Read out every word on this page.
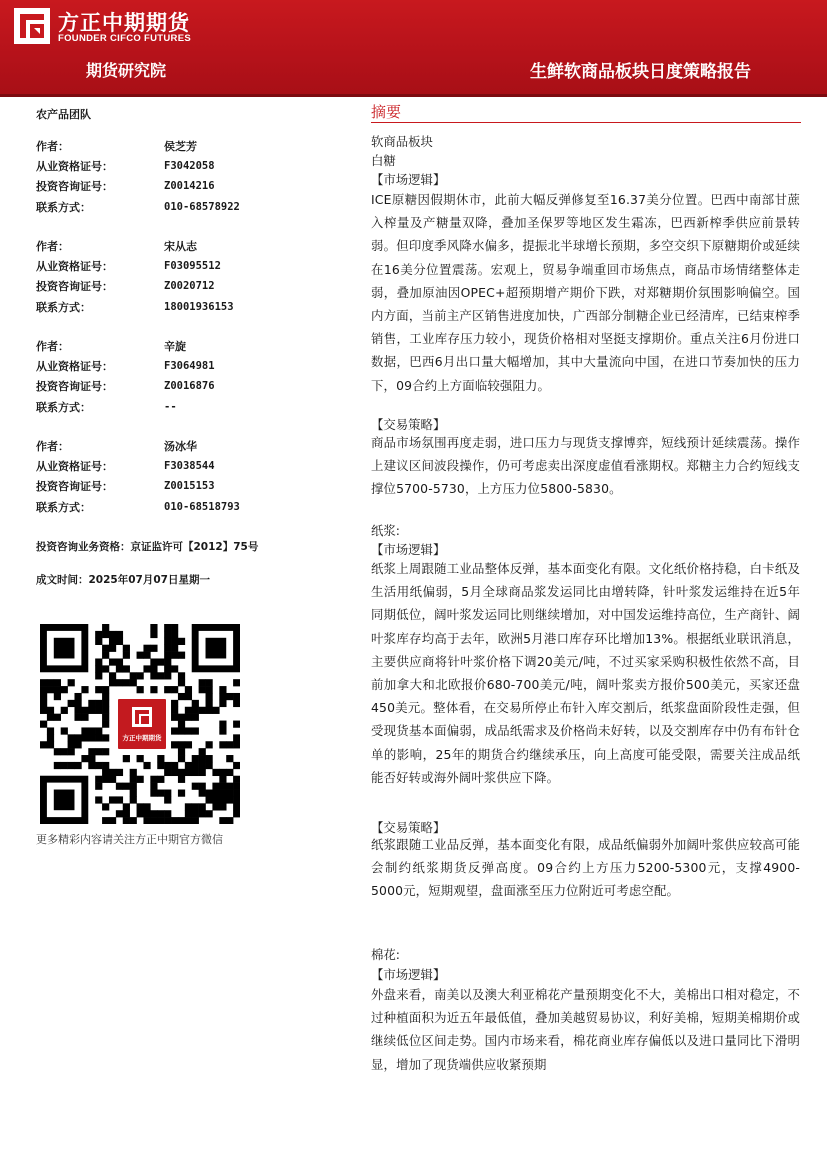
方正中期期货
FOUNDER CIFCO FUTURES
期货研究院	生鲜软商品板块日度策略报告
农产品团队
作者：	侯芝芳
从业资格证号：	F3042058
投资咨询证号：	Z0014216
联系方式：	010-68578922
作者：	宋从志
从业资格证号：	F03095512
投资咨询证号：	Z0020712
联系方式：	18001936153
作者：	辛旋
从业资格证号：	F3064981
投资咨询证号：	Z0016876
联系方式：	--
作者：	汤冰华
从业资格证号：	F3038544
投资咨询证号：	Z0015153
联系方式：	010-68518793
投资咨询业务资格：京证监许可【2012】75号
成文时间：2025年07月07日星期一
方正中期期货
更多精彩内容请关注方正中期官方微信
摘要
软商品板块
白糖
【市场逻辑】
ICE原糖因假期休市，此前大幅反弹修复至16.37美分位置。巴西中南部甘蔗入榨量及产糖量双降，叠加圣保罗等地区发生霜冻，巴西新榨季供应前景转弱。但印度季风降水偏多，提振北半球增长预期，多空交织下原糖期价或延续在16美分位置震荡。宏观上，贸易争端重回市场焦点，商品市场情绪整体走弱，叠加原油因OPEC+超预期增产期价下跌，对郑糖期价氛围影响偏空。国内方面，当前主产区销售进度加快，广西部分制糖企业已经清库，已结束榨季销售，工业库存压力较小，现货价格相对坚挺支撑期价。重点关注6月份进口数据，巴西6月出口量大幅增加，其中大量流向中国，在进口节奏加快的压力下，09合约上方面临较强阻力。
【交易策略】
商品市场氛围再度走弱，进口压力与现货支撑博弈，短线预计延续震荡。操作上建议区间波段操作，仍可考虑卖出深度虚值看涨期权。郑糖主力合约短线支撑位5700-5730，上方压力位5800-5830。
纸浆:
【市场逻辑】
纸浆上周跟随工业品整体反弹，基本面变化有限。文化纸价格持稳，白卡纸及生活用纸偏弱，5月全球商品浆发运同比由增转降，针叶浆发运维持在近5年同期低位，阔叶浆发运同比则继续增加，对中国发运维持高位，生产商针、阔叶浆库存均高于去年，欧洲5月港口库存环比增加13%。根据纸业联讯消息，主要供应商将针叶浆价格下调20美元/吨，不过买家采购积极性依然不高，目前加拿大和北欧报价680-700美元/吨，阔叶浆卖方报价500美元，买家还盘450美元。整体看，在交易所停止布针入库交割后，纸浆盘面阶段性走强，但受现货基本面偏弱，成品纸需求及价格尚未好转，以及交割库存中仍有布针仓单的影响，25年的期货合约继续承压，向上高度可能受限，需要关注成品纸能否好转或海外阔叶浆供应下降。
【交易策略】
纸浆跟随工业品反弹，基本面变化有限，成品纸偏弱外加阔叶浆供应较高可能会制约纸浆期货反弹高度。09合约上方压力5200-5300元，支撑4900-5000元，短期观望，盘面涨至压力位附近可考虑空配。
棉花:
【市场逻辑】
外盘来看，南美以及澳大利亚棉花产量预期变化不大，美棉出口相对稳定，不过种植面积为近五年最低值，叠加美越贸易协议，利好美棉，短期美棉期价或继续低位区间走势。国内市场来看，棉花商业库存偏低以及进口量同比下滑明显，增加了现货端供应收紧预期
